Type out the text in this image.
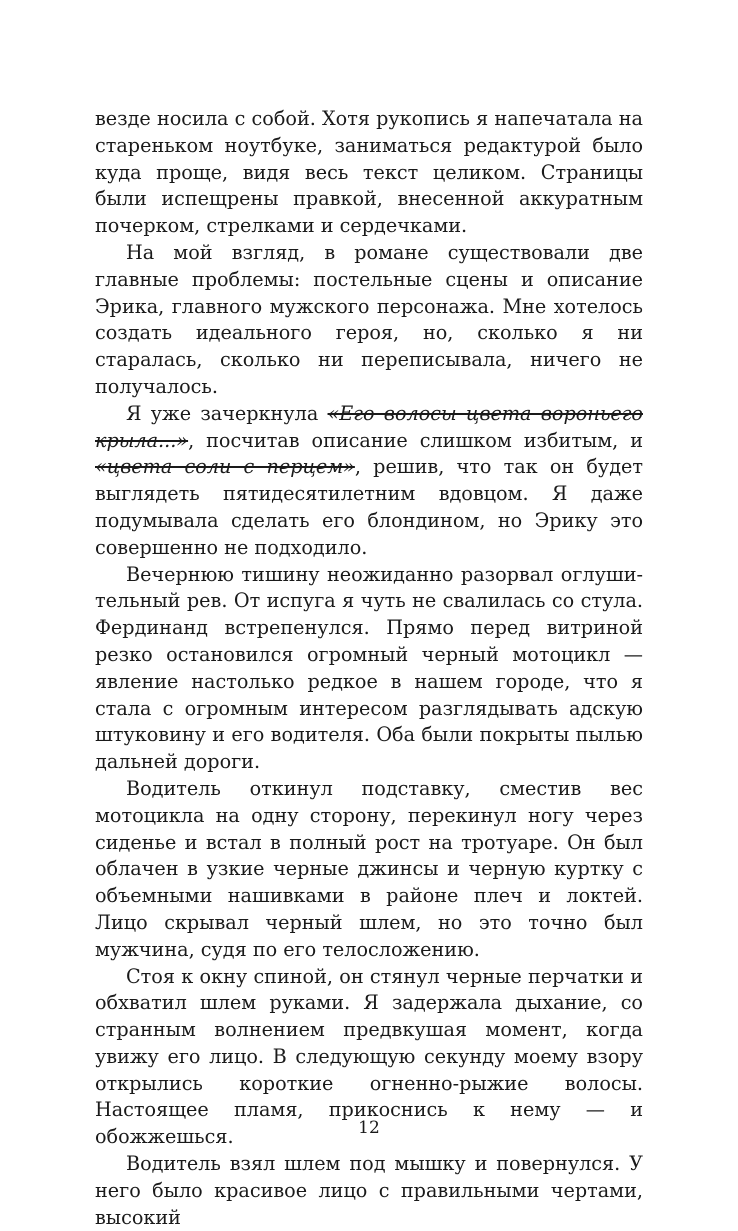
везде носила с собой. Хотя рукопись я напечатала на стареньком ноутбуке, заниматься редактурой было куда проще, видя весь текст целиком. Страницы были испещрены правкой, внесенной аккуратным почерком, стрелками и сердечками.

На мой взгляд, в романе существовали две главные проблемы: постельные сцены и описание Эрика, главного мужского персонажа. Мне хотелось создать идеального героя, но, сколько я ни старалась, сколько ни переписывала, ничего не получалось.

Я уже зачеркнула «Его волосы цвета вороньего крыла...», посчитав описание слишком избитым, и «цвета соли с перцем», решив, что так он будет выглядеть пятидесятилетним вдовцом. Я даже подумывала сделать его блондином, но Эрику это совершенно не подходило.

Вечернюю тишину неожиданно разорвал оглушительный рев. От испуга я чуть не свалилась со стула. Фердинанд встрепенулся. Прямо перед витриной резко остановился огромный черный мотоцикл — явление настолько редкое в нашем городе, что я стала с огромным интересом разглядывать адскую штуковину и его водителя. Оба были покрыты пылью дальней дороги.

Водитель откинул подставку, сместив вес мотоцикла на одну сторону, перекинул ногу через сиденье и встал в полный рост на тротуаре. Он был облачен в узкие черные джинсы и черную куртку с объемными нашивками в районе плеч и локтей. Лицо скрывал черный шлем, но это точно был мужчина, судя по его телосложению.

Стоя к окну спиной, он стянул черные перчатки и обхватил шлем руками. Я задержала дыхание, со странным волнением предвкушая момент, когда увижу его лицо. В следующую секунду моему взору открылись короткие огненно-рыжие волосы. Настоящее пламя, прикоснись к нему — и обожжешься.

Водитель взял шлем под мышку и повернулся. У него было красивое лицо с правильными чертами, высокий

12
